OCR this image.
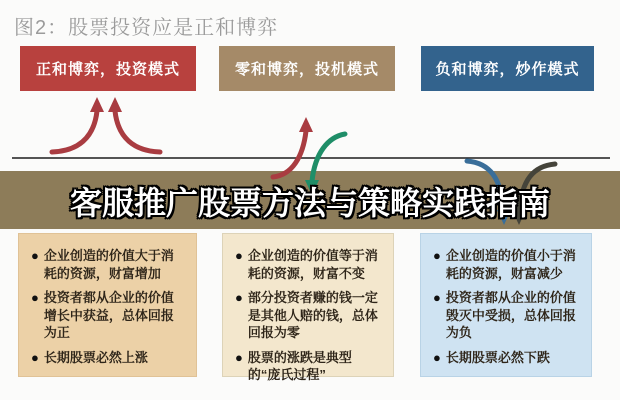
图2：股票投资应是正和博弈
正和博弈，投资模式	零和博弈，投机模式	负和博弈，炒作模式
客服推广股票方法与策略实践指南
● 企业创造的价值大于消耗的资源，财富增加
● 投资者都从企业的价值增长中获益，总体回报为正
● 长期股票必然上涨
● 企业创造的价值等于消耗的资源，财富不变
● 部分投资者赚的钱一定是其他人赔的钱，总体回报为零
● 股票的涨跌是典型的“庞氏过程”
● 企业创造的价值小于消耗的资源，财富减少
● 投资者都从企业的价值毁灭中受损，总体回报为负
● 长期股票必然下跌
